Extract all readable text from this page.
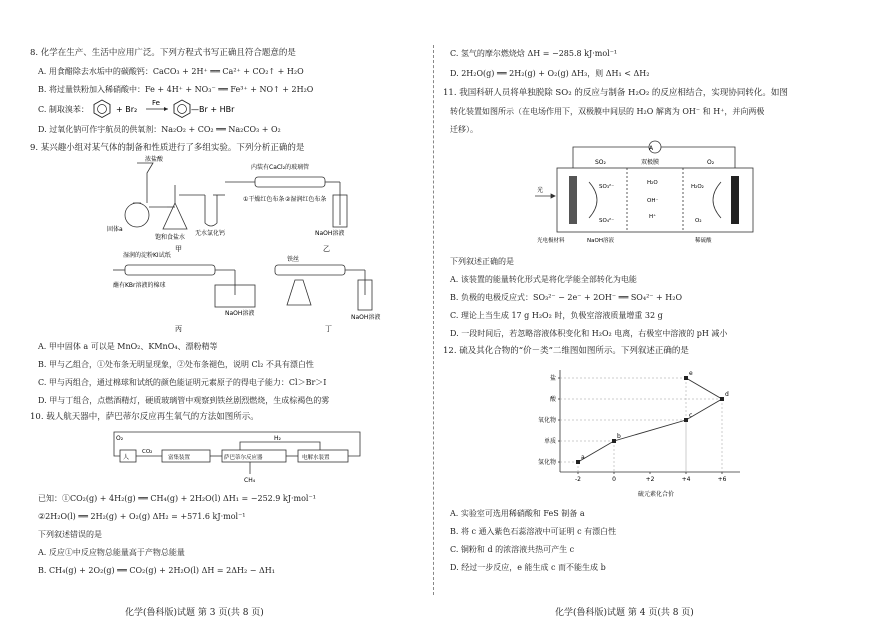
8. 化学在生产、生活中应用广泛。下列方程式书写正确且符合题意的是
A. 用食醋除去水垢中的碳酸钙：CaCO₃ + 2H⁺ ══ Ca²⁺ + CO₂↑ + H₂O
B. 将过量铁粉加入稀硝酸中：Fe + 4H⁺ + NO₃⁻ ══ Fe³⁺ + NO↑ + 2H₂O
C. 制取溴苯：	+ Br₂
Fe
—Br + HBr
D. 过氧化钠可作宇航员的供氧剂：Na₂O₂ + CO₂ ══ Na₂CO₃ + O₂
9. 某兴趣小组对某气体的制备和性质进行了多组实验。下列分析正确的是
浓盐酸
固体a
饱和食盐水
无水氯化钙
内装有CaCl₂的玻璃管
①干燥红色布条 ②湿润红色布条
NaOH溶液
甲	乙
湿润的淀粉KI试纸
蘸有KBr溶液的棉球
铁丝
NaOH溶液
NaOH溶液
丙	丁
A. 甲中固体 a 可以是 MnO₂、KMnO₄、漂粉精等
B. 甲与乙组合，①处布条无明显现象，②处布条褪色，说明 Cl₂ 不具有漂白性
C. 甲与丙组合，通过棉球和试纸的颜色能证明元素原子的得电子能力：Cl＞Br＞I
D. 甲与丁组合，点燃酒精灯，硬质玻璃管中观察到铁丝剧烈燃烧，生成棕褐色的雾
10. 载人航天器中，萨巴蒂尔反应再生氧气的方法如图所示。
O₂
人
CO₂
富集装置	萨巴蒂尔反应器	电解水装置
H₂
CH₄
已知：①CO₂(g) + 4H₂(g) ══ CH₄(g) + 2H₂O(l) ΔH₁ = −252.9 kJ·mol⁻¹
②2H₂O(l) ══ 2H₂(g) + O₂(g) ΔH₂ = +571.6 kJ·mol⁻¹
下列叙述错误的是
A. 反应①中反应物总能量高于产物总能量
B. CH₄(g) + 2O₂(g) ══ CO₂(g) + 2H₂O(l) ΔH = 2ΔH₂ − ΔH₁
化学(鲁科版)试题 第 3 页(共 8 页)
C. 氢气的摩尔燃烧焓 ΔH = −285.8 kJ·mol⁻¹
D. 2H₂O(g) ══ 2H₂(g) + O₂(g) ΔH₃，则 ΔH₁ < ΔH₂
11. 我国科研人员将单独脱除 SO₂ 的反应与制备 H₂O₂ 的反应相结合，实现协同转化。如图
转化装置如图所示（在电场作用下，双极膜中间层的 H₂O 解离为 OH⁻ 和 H⁺，并向两极
迁移）。
A
SO₂	双极膜	O₂
光	SO₃²⁻
SO₄²⁻
H₂O
OH⁻
H⁺
H₂O₂
O₂
光电极材料	NaOH溶液	稀硫酸
下列叙述正确的是
A. 该装置的能量转化形式是将化学能全部转化为电能
B. 负极的电极反应式：SO₃²⁻ − 2e⁻ + 2OH⁻ ══ SO₄²⁻ + H₂O
C. 理论上当生成 17 g H₂O₂ 时，负极室溶液质量增重 32 g
D. 一段时间后，若忽略溶液体积变化和 H₂O₂ 电离，右极室中溶液的 pH 减小
12. 硫及其化合物的“价－类”二维图如图所示。下列叙述正确的是
氢化物
单质
氧化物
酸
盐
-2	0	+2	+4	+6
a
b
c
d
e
硫元素化合价
A. 实验室可选用稀硝酸和 FeS 制备 a
B. 将 c 通入紫色石蕊溶液中可证明 c 有漂白性
C. 铜粉和 d 的浓溶液共热可产生 c
D. 经过一步反应，e 能生成 c 而不能生成 b
化学(鲁科版)试题 第 4 页(共 8 页)
